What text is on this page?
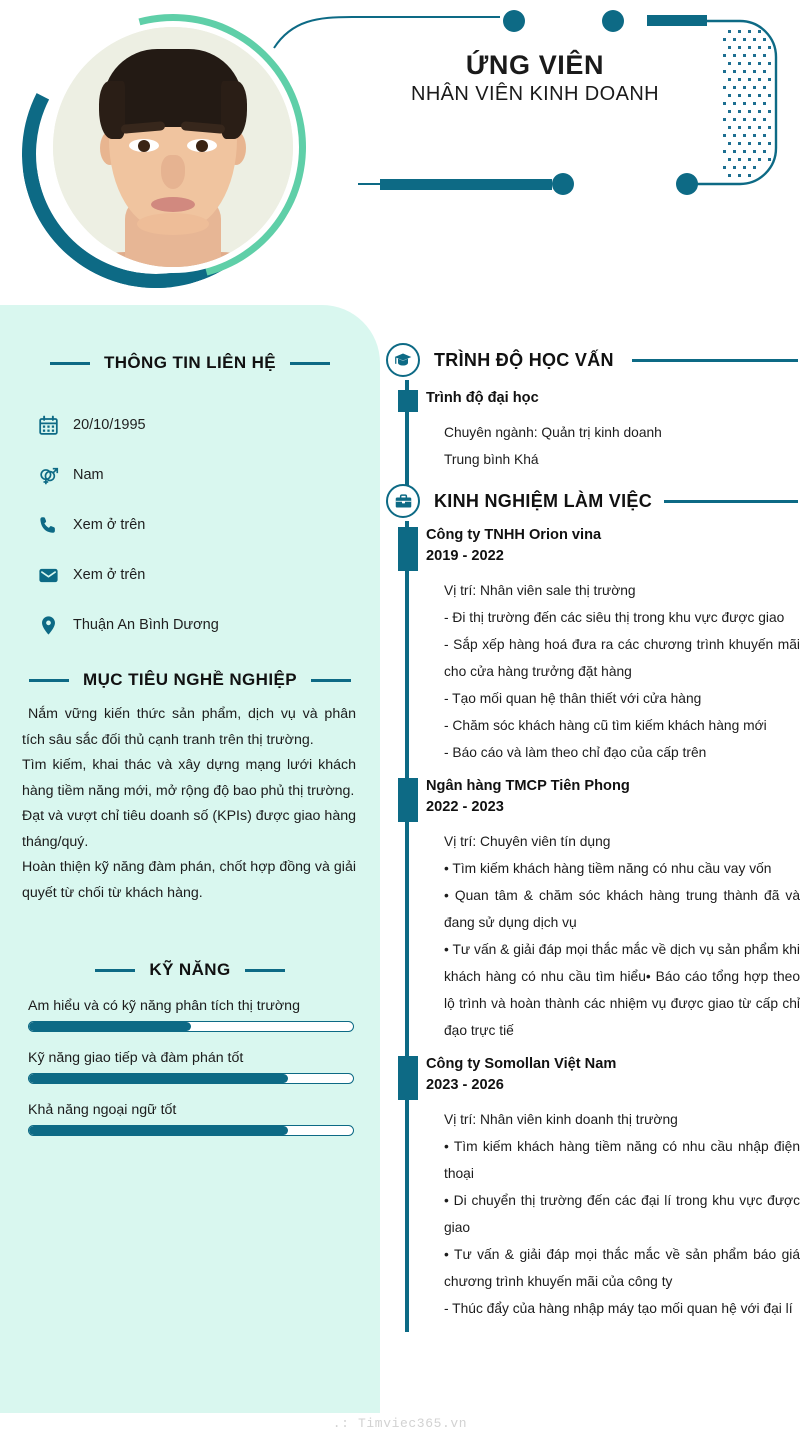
ỨNG VIÊN
NHÂN VIÊN KINH DOANH
THÔNG TIN LIÊN HỆ
20/10/1995
Nam
Xem ở trên
Xem ở trên
Thuận An Bình Dương
MỤC TIÊU NGHỀ NGHIỆP
Nắm vững kiến thức sản phẩm, dịch vụ và phân tích sâu sắc đối thủ cạnh tranh trên thị trường.
Tìm kiếm, khai thác và xây dựng mạng lưới khách hàng tiềm năng mới, mở rộng độ bao phủ thị trường.
Đạt và vượt chỉ tiêu doanh số (KPIs) được giao hàng tháng/quý.
Hoàn thiện kỹ năng đàm phán, chốt hợp đồng và giải quyết từ chối từ khách hàng.
KỸ NĂNG
Am hiểu và có kỹ năng phân tích thị trường
Kỹ năng giao tiếp và đàm phán tốt
Khả năng ngoại ngữ tốt
TRÌNH ĐỘ HỌC VẤN
Trình độ đại học
Chuyên ngành: Quản trị kinh doanh
Trung bình Khá
KINH NGHIỆM LÀM VIỆC
Công ty TNHH Orion vina
2019 - 2022
Vị trí: Nhân viên sale thị trường
- Đi thị trường đến các siêu thị trong khu vực được giao
- Sắp xếp hàng hoá đưa ra các chương trình khuyến mãi cho cửa hàng trưởng đặt hàng
- Tạo mối quan hệ thân thiết với cửa hàng
- Chăm sóc khách hàng cũ tìm kiếm khách hàng mới
- Báo cáo và làm theo chỉ đạo của cấp trên
Ngân hàng TMCP Tiên Phong
2022 - 2023
Vị trí: Chuyên viên tín dụng
• Tìm kiếm khách hàng tiềm năng có nhu cầu vay vốn
• Quan tâm & chăm sóc khách hàng trung thành đã và đang sử dụng dịch vụ
• Tư vấn & giải đáp mọi thắc mắc về dịch vụ sản phẩm khi khách hàng có nhu cầu tìm hiểu• Báo cáo tổng hợp theo lộ trình và hoàn thành các nhiệm vụ được giao từ cấp chỉ đạo trực tiế
Công ty Somollan Việt Nam
2023 - 2026
Vị trí: Nhân viên kinh doanh thị trường
• Tìm kiếm khách hàng tiềm năng có nhu cầu nhập điện thoại
• Di chuyển thị trường đến các đại lí trong khu vực được giao
• Tư vấn & giải đáp mọi thắc mắc về sản phẩm báo giá chương trình khuyến mãi của công ty
- Thúc đẩy của hàng nhập máy tạo mối quan hệ với đại lí
.: Timviec365.vn
